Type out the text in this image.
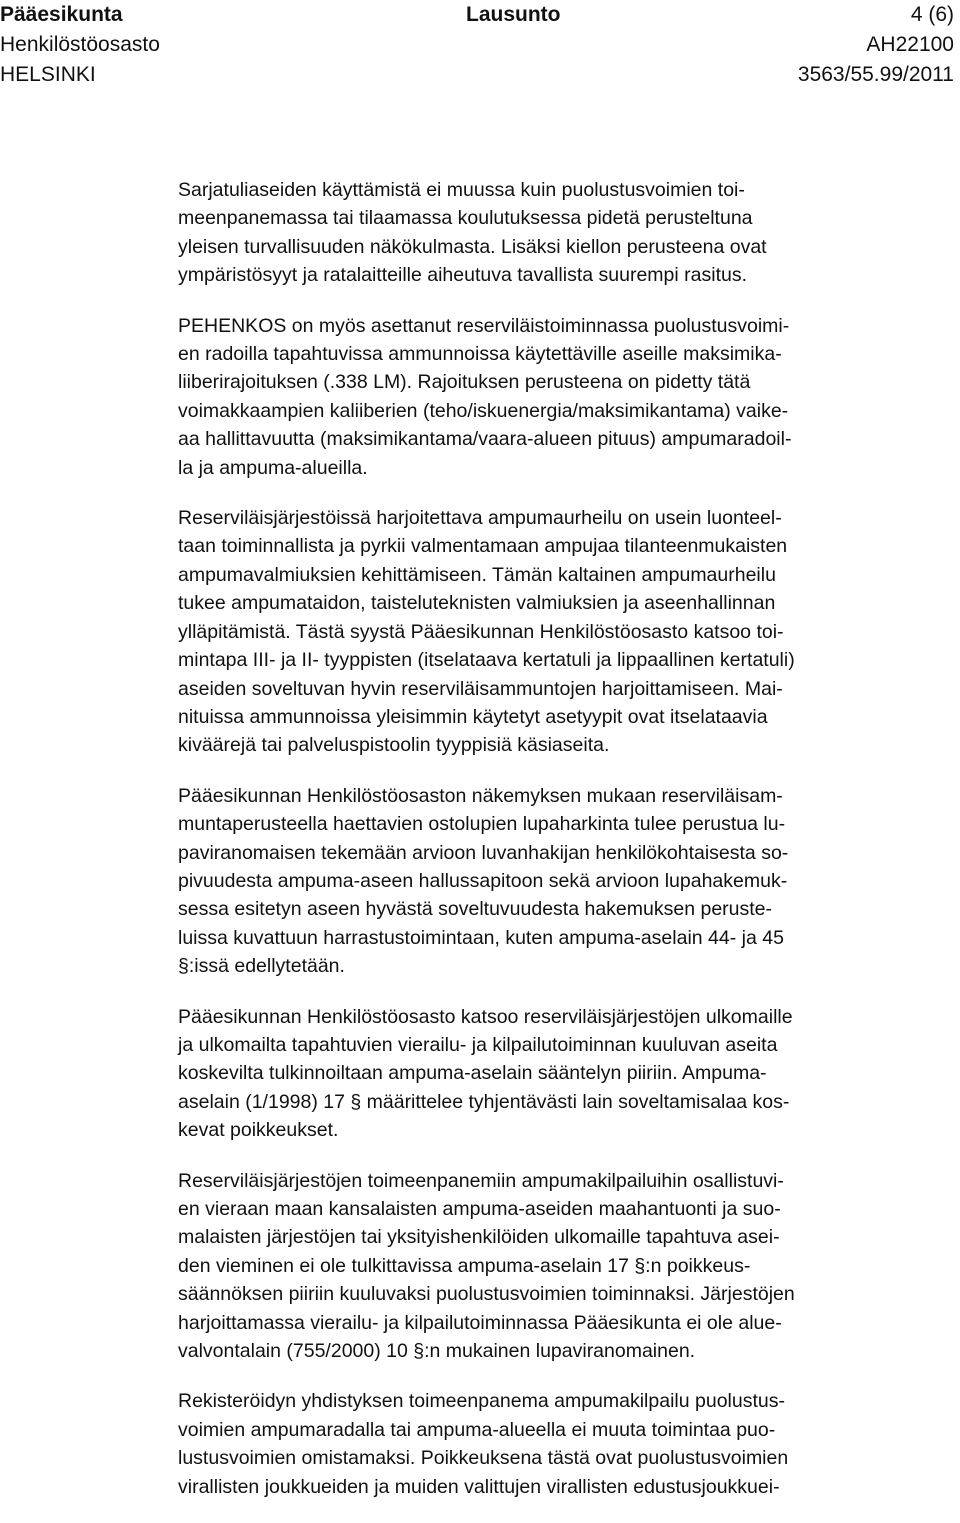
Pääesikunta	Lausunto	4 (6)
Henkilöstöosasto	AH22100
HELSINKI	3563/55.99/2011
Sarjatuliaseiden käyttämistä ei muussa kuin puolustusvoimien toi-
meenpanemassa tai tilaamassa koulutuksessa pidetä perusteltuna
yleisen turvallisuuden näkökulmasta. Lisäksi kiellon perusteena ovat
ympäristösyyt ja ratalaitteille aiheutuva tavallista suurempi rasitus.
PEHENKOS on myös asettanut reserviläistoiminnassa puolustusvoimi-
en radoilla tapahtuvissa ammunnoissa käytettäville aseille maksimika-
liiberirajoituksen (.338 LM). Rajoituksen perusteena on pidetty tätä
voimakkaampien kaliiberien (teho/iskuenergia/maksimikantama) vaike-
aa hallittavuutta (maksimikantama/vaara-alueen pituus) ampumaradoil-
la ja ampuma-alueilla.
Reserviläisjärjestöissä harjoitettava ampumaurheilu on usein luonteel-
taan toiminnallista ja pyrkii valmentamaan ampujaa tilanteenmukaisten
ampumavalmiuksien kehittämiseen. Tämän kaltainen ampumaurheilu
tukee ampumataidon, taisteluteknisten valmiuksien ja aseenhallinnan
ylläpitämistä. Tästä syystä Pääesikunnan Henkilöstöosasto katsoo toi-
mintapa III- ja II- tyyppisten (itselataava kertatuli ja lippaallinen kertatuli)
aseiden soveltuvan hyvin reserviläisammuntojen harjoittamiseen. Mai-
nituissa ammunnoissa yleisimmin käytetyt asetyypit ovat itselataavia
kiväärejä tai palveluspistoolin tyyppisiä käsiaseita.
Pääesikunnan Henkilöstöosaston näkemyksen mukaan reserviläisam-
muntaperusteella haettavien ostolupien lupaharkinta tulee perustua lu-
paviranomaisen tekemään arvioon luvanhakijan henkilökohtaisesta so-
pivuudesta ampuma-aseen hallussapitoon sekä arvioon lupahakemuk-
sessa esitetyn aseen hyvästä soveltuvuudesta hakemuksen peruste-
luissa kuvattuun harrastustoimintaan, kuten ampuma-aselain 44- ja 45
§:issä edellytetään.
Pääesikunnan Henkilöstöosasto katsoo reserviläisjärjestöjen ulkomaille
ja ulkomailta tapahtuvien vierailu- ja kilpailutoiminnan kuuluvan aseita
koskevilta tulkinnoiltaan ampuma-aselain sääntelyn piiriin. Ampuma-
aselain (1/1998) 17 § määrittelee tyhjentävästi lain soveltamisalaa kos-
kevat poikkeukset.
Reserviläisjärjestöjen toimeenpanemiin ampumakilpailuihin osallistuvi-
en vieraan maan kansalaisten ampuma-aseiden maahantuonti ja suo-
malaisten järjestöjen tai yksityishenkilöiden ulkomaille tapahtuva asei-
den vieminen ei ole tulkittavissa ampuma-aselain 17 §:n poikkeus-
säännöksen piiriin kuuluvaksi puolustusvoimien toiminnaksi. Järjestöjen
harjoittamassa vierailu- ja kilpailutoiminnassa Pääesikunta ei ole alue-
valvontalain (755/2000) 10 §:n mukainen lupaviranomainen.
Rekisteröidyn yhdistyksen toimeenpanema ampumakilpailu puolustus-
voimien ampumaradalla tai ampuma-alueella ei muuta toimintaa puo-
lustusvoimien omistamaksi. Poikkeuksena tästä ovat puolustusvoimien
virallisten joukkueiden ja muiden valittujen virallisten edustusjoukkuei-
